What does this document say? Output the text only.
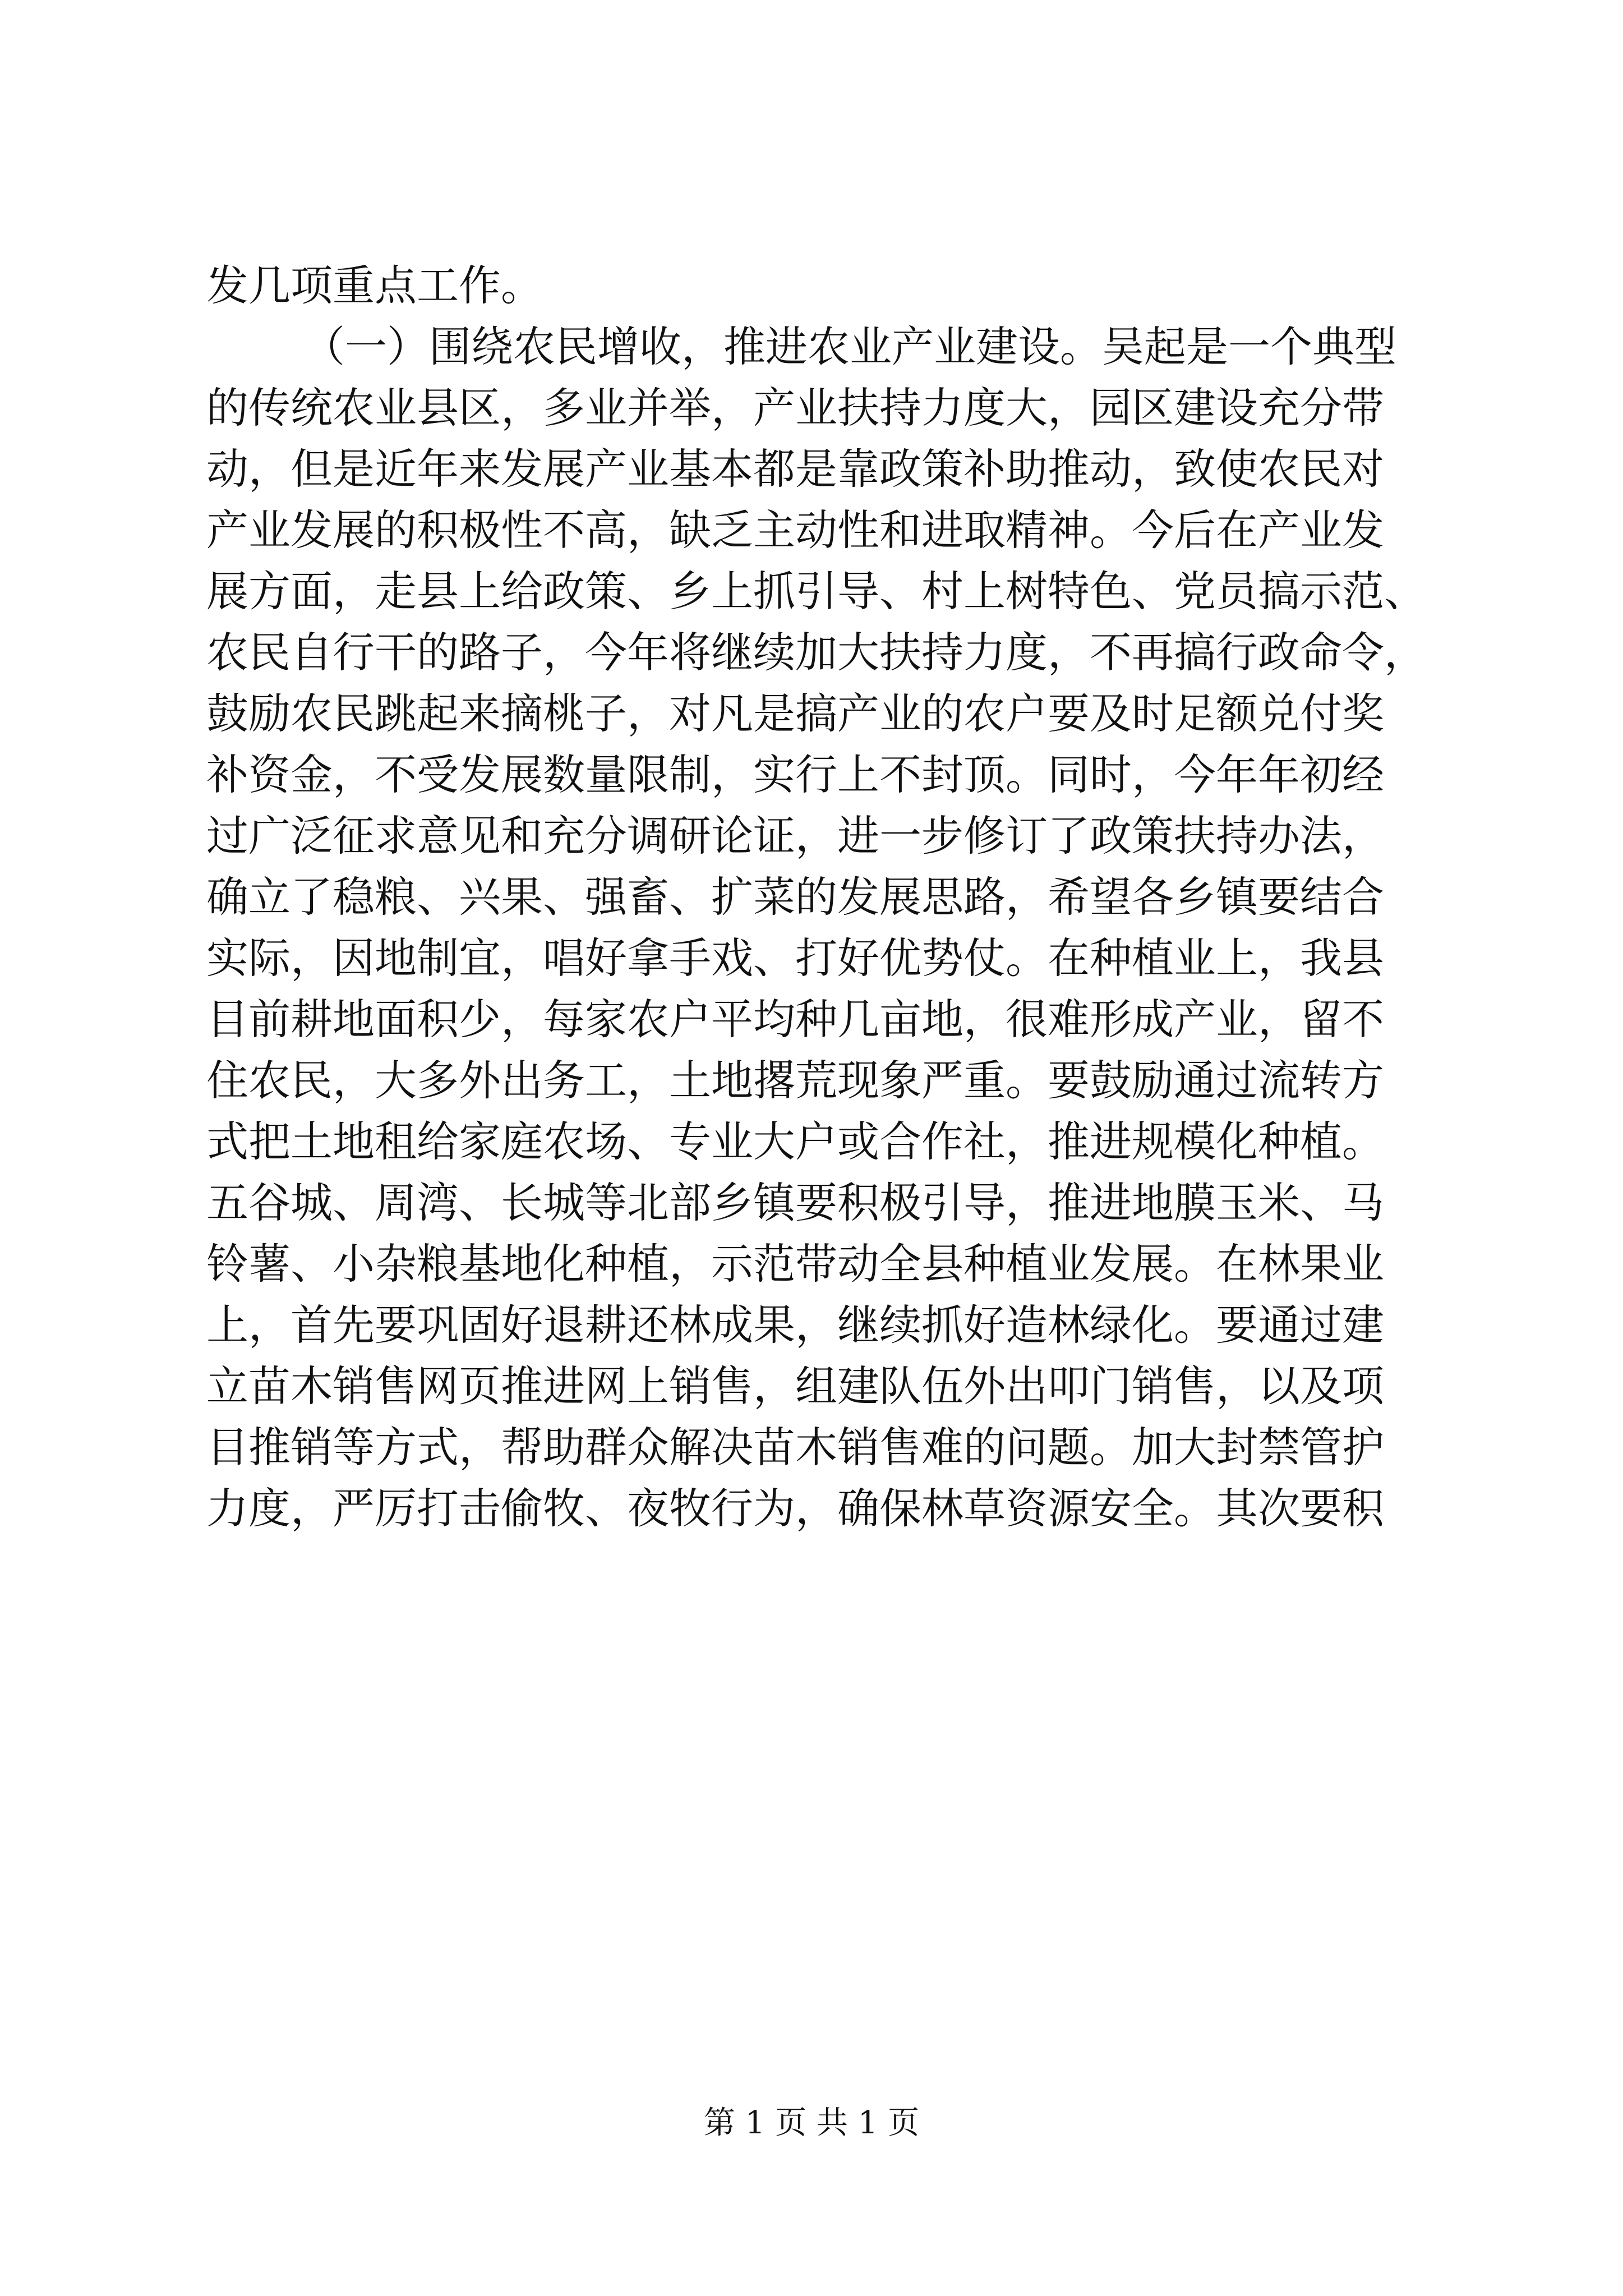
发几项重点工作。
（一）围绕农民增收，推进农业产业建设。吴起是一个典型
的传统农业县区，多业并举，产业扶持力度大，园区建设充分带
动，但是近年来发展产业基本都是靠政策补助推动，致使农民对
产业发展的积极性不高，缺乏主动性和进取精神。今后在产业发
展方面，走县上给政策、乡上抓引导、村上树特色、党员搞示范、
农民自行干的路子，今年将继续加大扶持力度，不再搞行政命令，
鼓励农民跳起来摘桃子，对凡是搞产业的农户要及时足额兑付奖
补资金，不受发展数量限制，实行上不封顶。同时，今年年初经
过广泛征求意见和充分调研论证，进一步修订了政策扶持办法，
确立了稳粮、兴果、强畜、扩菜的发展思路，希望各乡镇要结合
实际，因地制宜，唱好拿手戏、打好优势仗。在种植业上，我县
目前耕地面积少，每家农户平均种几亩地，很难形成产业，留不
住农民，大多外出务工，土地撂荒现象严重。要鼓励通过流转方
式把土地租给家庭农场、专业大户或合作社，推进规模化种植。
五谷城、周湾、长城等北部乡镇要积极引导，推进地膜玉米、马
铃薯、小杂粮基地化种植，示范带动全县种植业发展。在林果业
上，首先要巩固好退耕还林成果，继续抓好造林绿化。要通过建
立苗木销售网页推进网上销售，组建队伍外出叩门销售，以及项
目推销等方式，帮助群众解决苗木销售难的问题。加大封禁管护
力度，严厉打击偷牧、夜牧行为，确保林草资源安全。其次要积
第 1 页 共 1 页
